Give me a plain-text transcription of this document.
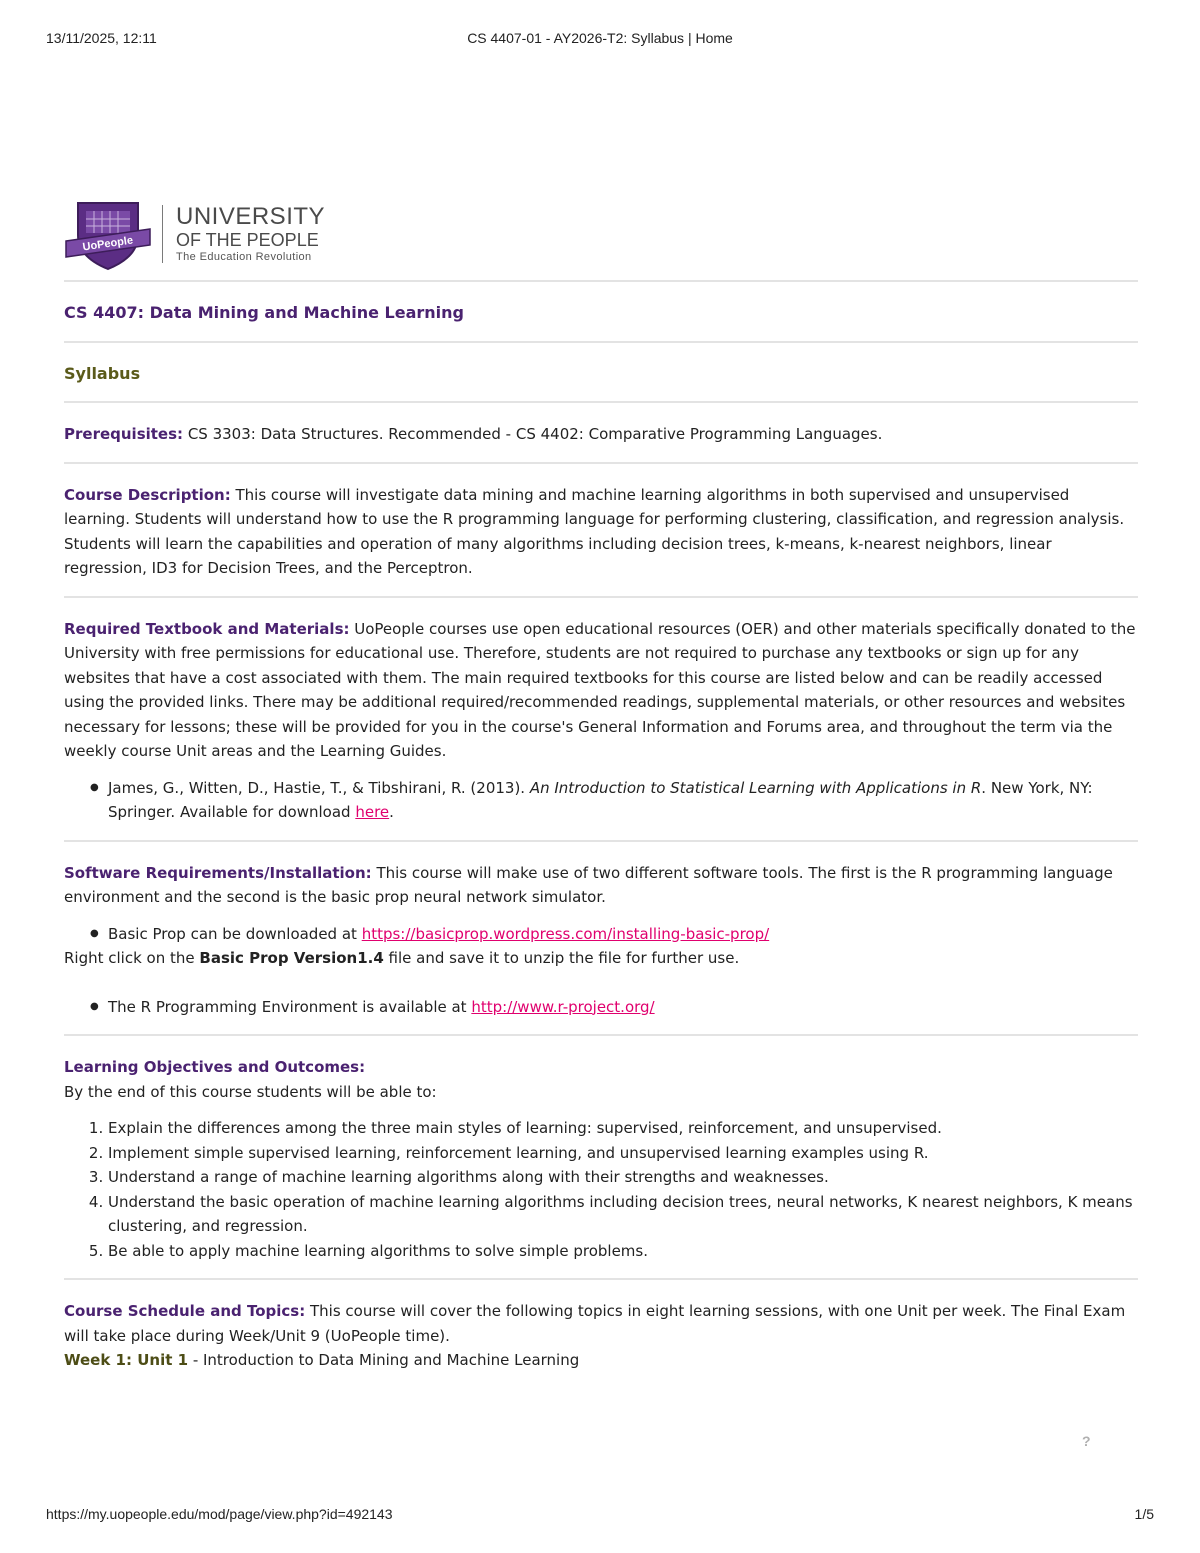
13/11/2025, 12:11	CS 4407-01 - AY2026-T2: Syllabus | Home
UoPeople
UNIVERSITY
OF THE PEOPLE
The Education Revolution

CS 4407: Data Mining and Machine Learning

Syllabus

Prerequisites: CS 3303: Data Structures. Recommended - CS 4402: Comparative Programming Languages.

Course Description: This course will investigate data mining and machine learning algorithms in both supervised and unsupervised learning. Students will understand how to use the R programming language for performing clustering, classification, and regression analysis. Students will learn the capabilities and operation of many algorithms including decision trees, k-means, k-nearest neighbors, linear regression, ID3 for Decision Trees, and the Perceptron.

Required Textbook and Materials: UoPeople courses use open educational resources (OER) and other materials specifically donated to the University with free permissions for educational use. Therefore, students are not required to purchase any textbooks or sign up for any websites that have a cost associated with them. The main required textbooks for this course are listed below and can be readily accessed using the provided links. There may be additional required/recommended readings, supplemental materials, or other resources and websites necessary for lessons; these will be provided for you in the course's General Information and Forums area, and throughout the term via the weekly course Unit areas and the Learning Guides.

● James, G., Witten, D., Hastie, T., & Tibshirani, R. (2013). An Introduction to Statistical Learning with Applications in R. New York, NY: Springer. Available for download here.

Software Requirements/Installation: This course will make use of two different software tools. The first is the R programming language environment and the second is the basic prop neural network simulator.

● Basic Prop can be downloaded at https://basicprop.wordpress.com/installing-basic-prop/

Right click on the Basic Prop Version1.4 file and save it to unzip the file for further use.

● The R Programming Environment is available at http://www.r-project.org/

Learning Objectives and Outcomes:

By the end of this course students will be able to:

1. Explain the differences among the three main styles of learning: supervised, reinforcement, and unsupervised.
2. Implement simple supervised learning, reinforcement learning, and unsupervised learning examples using R.
3. Understand a range of machine learning algorithms along with their strengths and weaknesses.
4. Understand the basic operation of machine learning algorithms including decision trees, neural networks, K nearest neighbors, K means clustering, and regression.
5. Be able to apply machine learning algorithms to solve simple problems.

Course Schedule and Topics: This course will cover the following topics in eight learning sessions, with one Unit per week. The Final Exam will take place during Week/Unit 9 (UoPeople time).

Week 1: Unit 1 - Introduction to Data Mining and Machine Learning

?
https://my.uopeople.edu/mod/page/view.php?id=492143	1/5
